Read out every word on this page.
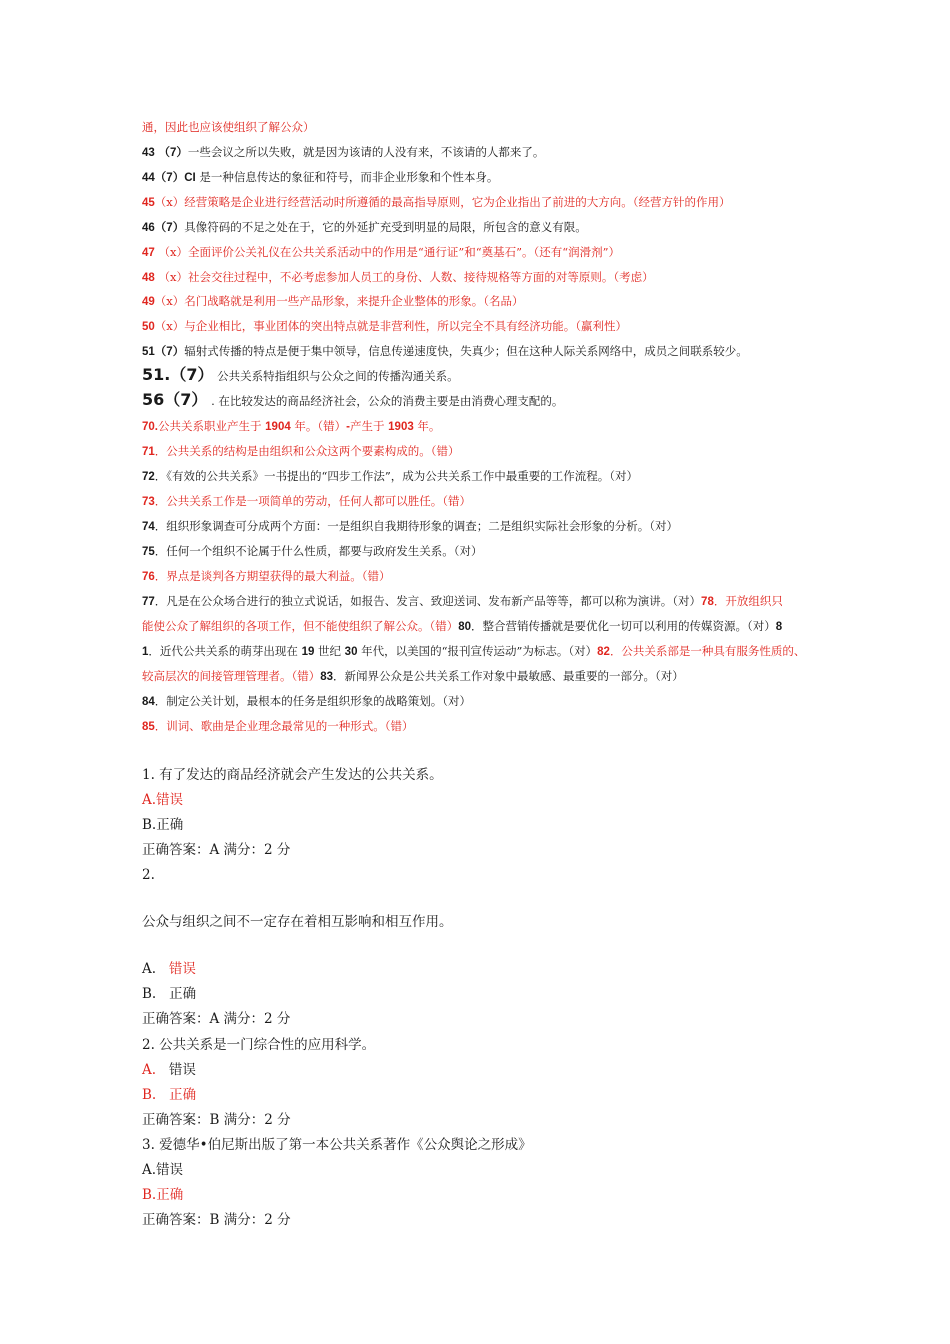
通，因此也应该使组织了解公众）
43 （7）一些会议之所以失败，就是因为该请的人没有来，不该请的人都来了。
44（7）CI 是一种信息传达的象征和符号，而非企业形象和个性本身。
45（x）经营策略是企业进行经营活动时所遵循的最高指导原则，它为企业指出了前进的大方向。（经营方针的作用）
46（7）具像符码的不足之处在于，它的外延扩充受到明显的局限，所包含的意义有限。
47 （x）全面评价公关礼仪在公共关系活动中的作用是“通行证”和“奠基石”。（还有“润滑剂”）
48 （x）社会交往过程中，不必考虑参加人员工的身份、人数、接待规格等方面的对等原则。（考虑）
49（x）名门战略就是利用一些产品形象，来提升企业整体的形象。（名品）
50（x）与企业相比，事业团体的突出特点就是非营利性，所以完全不具有经济功能。（赢利性）
51（7）辐射式传播的特点是便于集中领导，信息传递速度快，失真少；但在这种人际关系网络中，成员之间联系较少。
51.（7） 公共关系特指组织与公众之间的传播沟通关系。
56（7） . 在比较发达的商品经济社会，公众的消费主要是由消费心理支配的。
70.公共关系职业产生于 1904 年。（错）-产生于 1903 年。
71．公共关系的结构是由组织和公众这两个要素构成的。（错）
72．《有效的公共关系》一书提出的“四步工作法”，成为公共关系工作中最重要的工作流程。（对）
73．公共关系工作是一项简单的劳动，任何人都可以胜任。（错）
74．组织形象调查可分成两个方面：一是组织自我期待形象的调查；二是组织实际社会形象的分析。（对）
75．任何一个组织不论属于什么性质，都要与政府发生关系。（对）
76．界点是谈判各方期望获得的最大利益。（错）
77．凡是在公众场合进行的独立式说话，如报告、发言、致迎送词、发布新产品等等，都可以称为演讲。（对）78．开放组织只
能使公众了解组织的各项工作，但不能使组织了解公众。（错）80．整合营销传播就是要优化一切可以利用的传媒资源。（对）8
1．近代公共关系的萌芽出现在 19 世纪 30 年代，以美国的“报刊宣传运动”为标志。（对）82．公共关系部是一种具有服务性质的、
较高层次的间接管理管理者。（错）83．新闻界公众是公共关系工作对象中最敏感、最重要的一部分。（对）
84．制定公关计划，最根本的任务是组织形象的战略策划。（对）
85．训词、歌曲是企业理念最常见的一种形式。（错）
1. 有了发达的商品经济就会产生发达的公共关系。
A.错误
B.正确
正确答案：A 满分：2 分
2.
公众与组织之间不一定存在着相互影响和相互作用。
A. 错误
B. 正确
正确答案：A 满分：2 分
2. 公共关系是一门综合性的应用科学。
A. 错误
B. 正确
正确答案：B 满分：2 分
3. 爱德华•伯尼斯出版了第一本公共关系著作《公众舆论之形成》
A.错误
B.正确
正确答案：B 满分：2 分
